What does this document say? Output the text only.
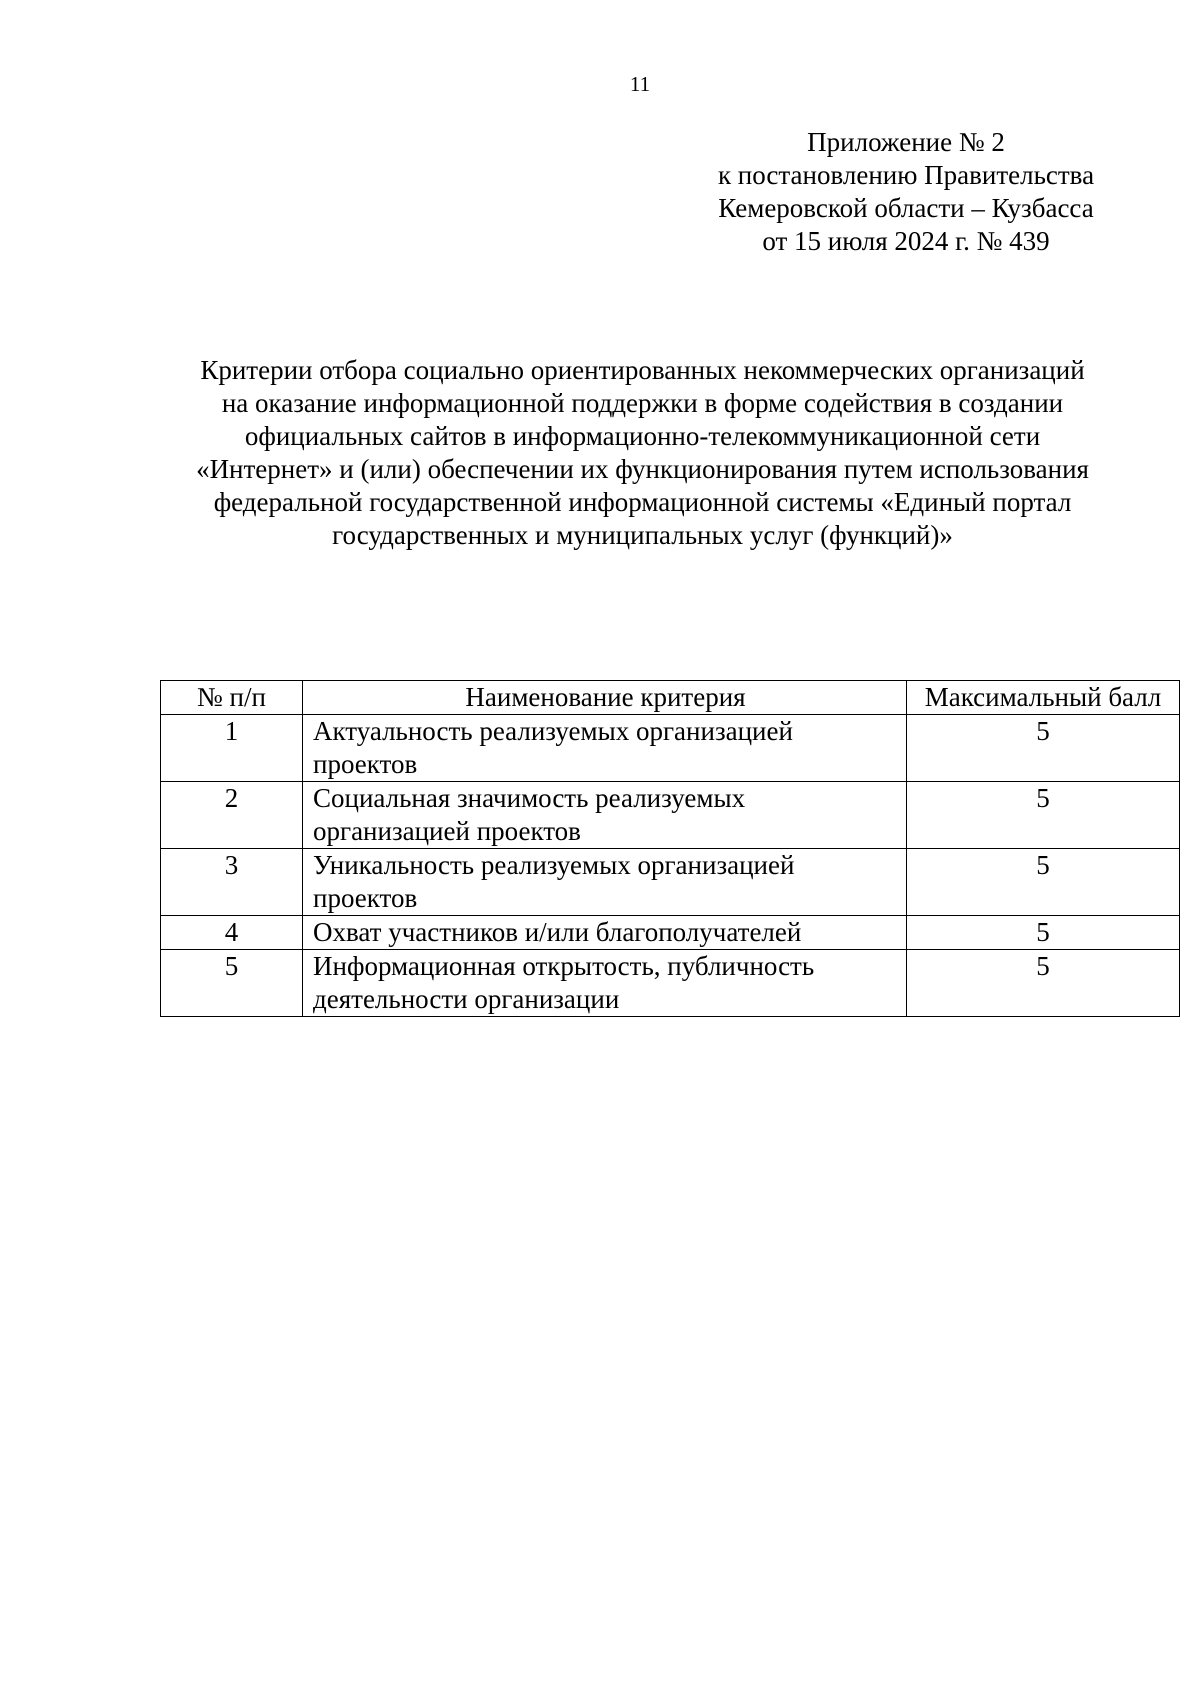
11
Приложение № 2
к постановлению Правительства
Кемеровской области – Кузбасса
от 15 июля 2024 г. № 439
Критерии отбора социально ориентированных некоммерческих организаций
на оказание информационной поддержки в форме содействия в создании
официальных сайтов в информационно-телекоммуникационной сети
«Интернет» и (или) обеспечении их функционирования путем использования
федеральной государственной информационной системы «Единый портал
государственных и муниципальных услуг (функций)»
№ п/п	Наименование критерия	Максимальный балл
1	Актуальность реализуемых организацией проектов	5
2	Социальная значимость реализуемых организацией проектов	5
3	Уникальность реализуемых организацией проектов	5
4	Охват участников и/или благополучателей	5
5	Информационная открытость, публичность деятельности организации	5
